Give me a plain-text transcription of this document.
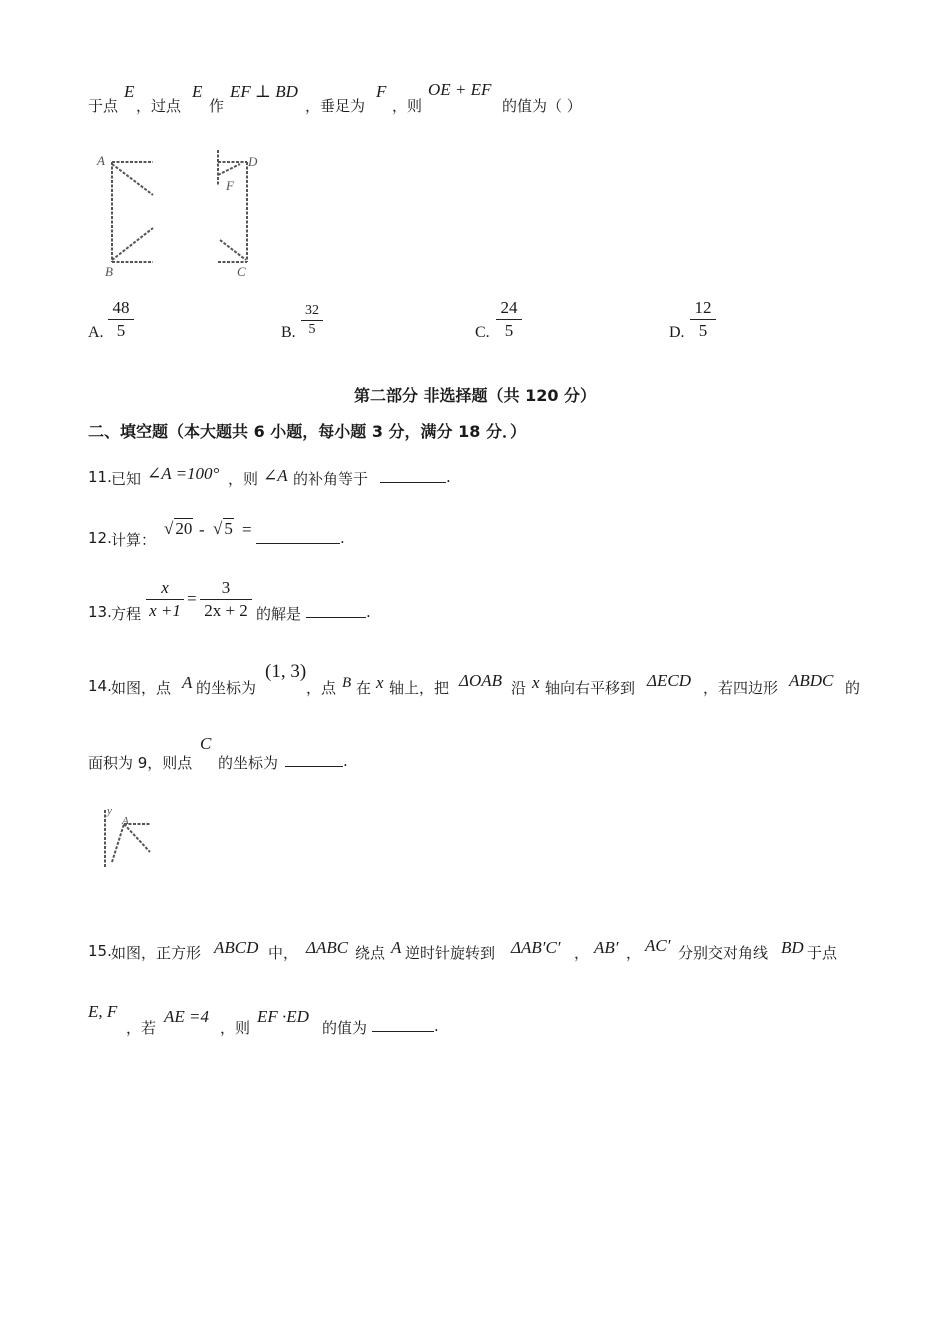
于点
E
，过点
E
作
EF ⊥ BD
，垂足为
F
，则
OE + EF
的值为（ ）
A
B	C
D
F
A.
48
5	B.
32
5	C.
24
5	D.
12
5
第二部分 非选择题（共 120 分）
二、填空题（本大题共 6 小题，每小题 3 分，满分 18 分．）
11. 已知 ∠A =100° ，则 ∠A 的补角等于	.
12. 计算：
√ 20 - √ 5 =	.
13. 方程
x
x +1
=
3
2x + 2 的解是	.
14. 如图，点 A 的坐标为
(1, 3)
，点 B 在 x 轴上，把 ΔOAB 沿 x 轴向右平移到 ΔECD ，若四边形 ABDC 的
面积为 9，则点
C
的坐标为	.
y
A
15. 如图，正方形 ABCD 中， ΔABC 绕点 A 逆时针旋转到 ΔAB′C′ ， AB′ ， AC′ 分别交对角线 BD 于点
E, F
，若
AE =4
，则
EF ·ED
的值为	.
